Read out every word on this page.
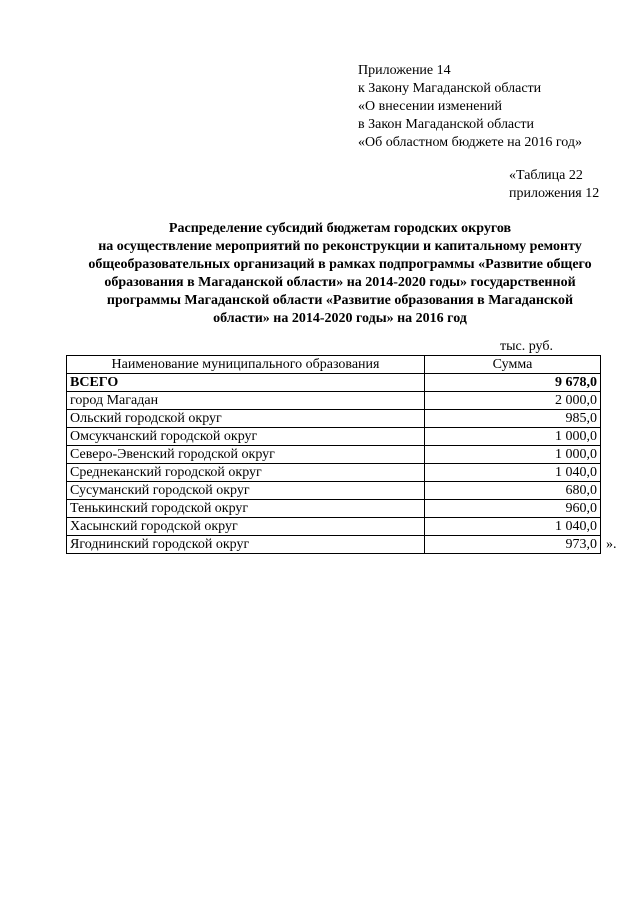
Приложение 14
к Закону Магаданской области
«О внесении изменений
в Закон Магаданской области
«Об областном бюджете на 2016 год»
«Таблица 22
приложения 12
Распределение субсидий бюджетам городских округов
на осуществление мероприятий по реконструкции и капитальному ремонту
общеобразовательных организаций в рамках подпрограммы «Развитие общего
образования в Магаданской области» на 2014-2020 годы» государственной
программы Магаданской области «Развитие образования в Магаданской
области» на 2014-2020 годы» на 2016 год
тыс. руб.
Наименование муниципального образования	Сумма
ВСЕГО	9 678,0
город Магадан	2 000,0
Ольский городской округ	985,0
Омсукчанский городской округ	1 000,0
Северо-Эвенский городской округ	1 000,0
Среднеканский городской округ	1 040,0
Сусуманский городской округ	680,0
Тенькинский городской округ	960,0
Хасынский городской округ	1 040,0
Ягоднинский городской округ	973,0 ».
